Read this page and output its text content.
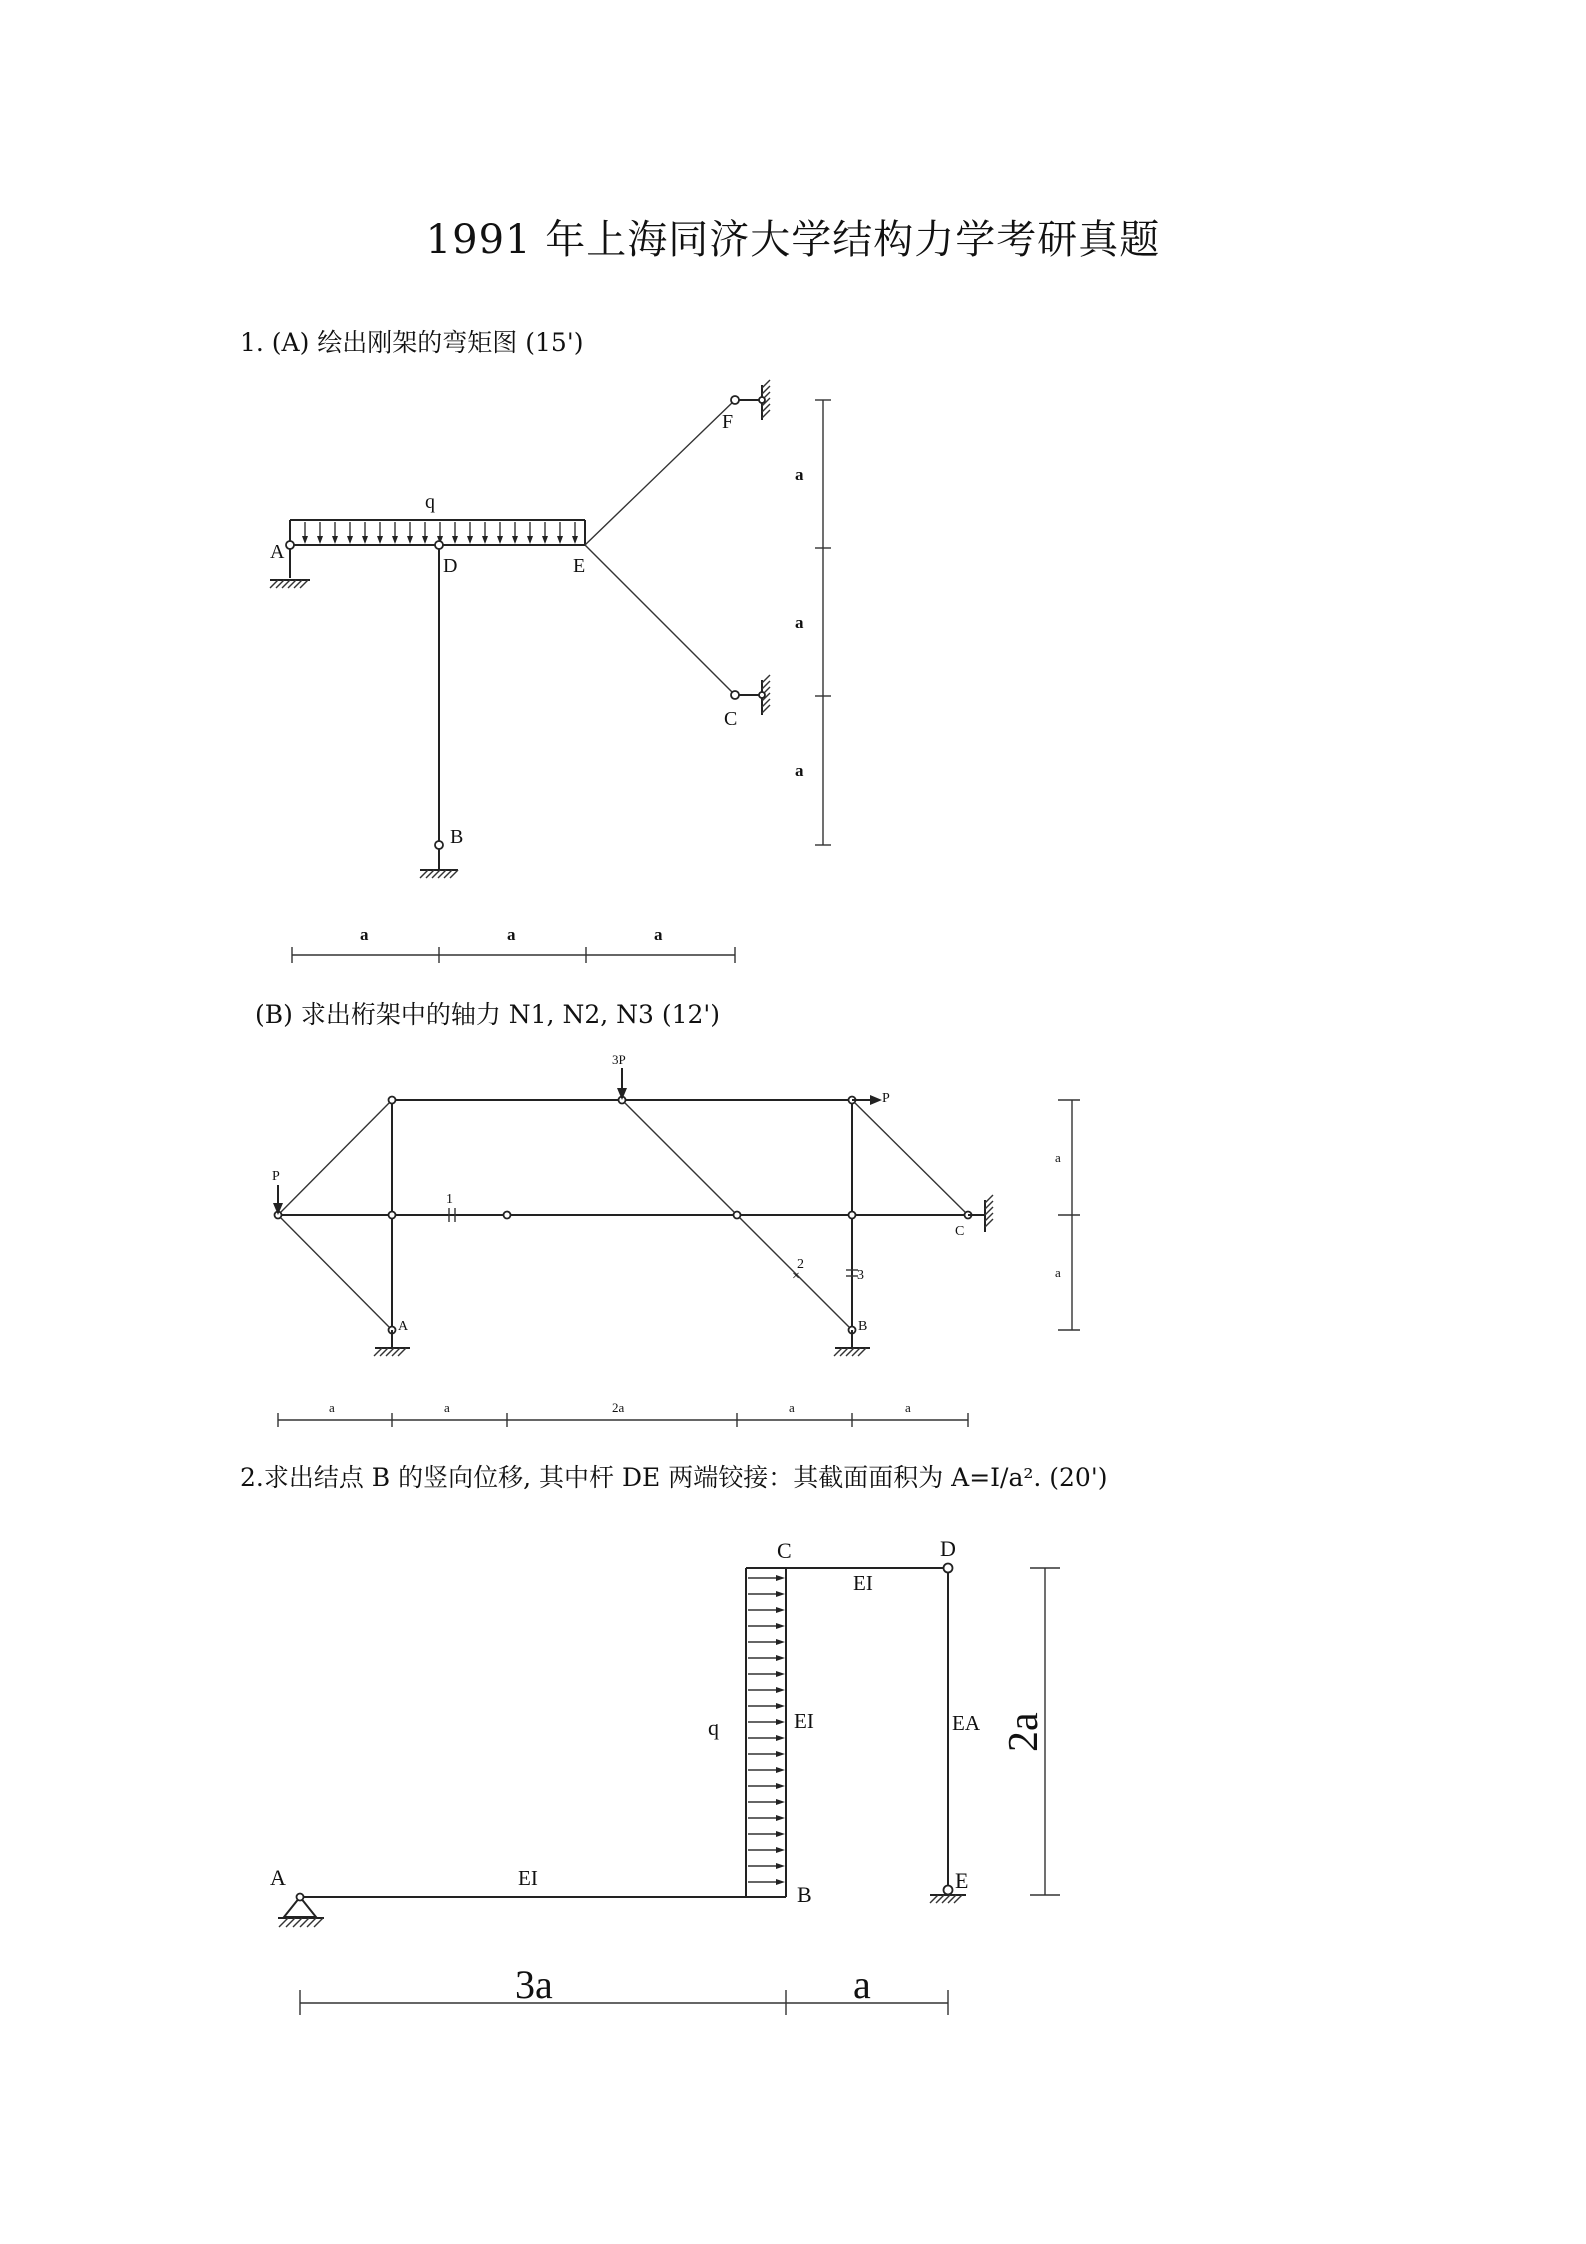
1991 年上海同济大学结构力学考研真题
1. (A) 绘出刚架的弯矩图 (15')
q
A
D	E
B
F
C
a	a	a
a
a
a
(B) 求出桁架中的轴力 N1, N2, N3 (12')
1
2
×	3
3P
P
P
A	B
C
a	a	2a	a	a
a
a
2.求出结点 B 的竖向位移, 其中杆 DE 两端铰接：其截面面积为 A=I/a². (20')
q
A
B
C	D
E
EI
EI
EI
EA
3a	a
2a
